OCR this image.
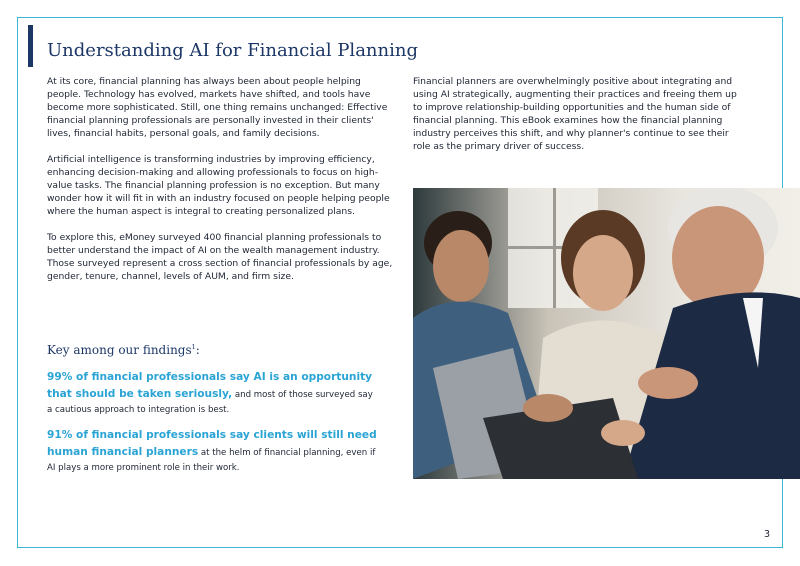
Understanding AI for Financial Planning

At its core, financial planning has always been about people helping people. Technology has evolved, markets have shifted, and tools have become more sophisticated. Still, one thing remains unchanged: Effective financial planning professionals are personally invested in their clients' lives, financial habits, personal goals, and family decisions.

Artificial intelligence is transforming industries by improving efficiency, enhancing decision-making and allowing professionals to focus on high-value tasks. The financial planning profession is no exception. But many wonder how it will fit in with an industry focused on people helping people where the human aspect is integral to creating personalized plans.

To explore this, eMoney surveyed 400 financial planning professionals to better understand the impact of AI on the wealth management industry. Those surveyed represent a cross section of financial professionals by age, gender, tenure, channel, levels of AUM, and firm size.

Financial planners are overwhelmingly positive about integrating and using AI strategically, augmenting their practices and freeing them up to improve relationship-building opportunities and the human side of financial planning. This eBook examines how the financial planning industry perceives this shift, and why planner's continue to see their role as the primary driver of success.

Key among our findings$^1$:
99% of financial professionals say AI is an opportunity that should be taken seriously, and most of those surveyed say a cautious approach to integration is best.
91% of financial professionals say clients will still need human financial planners at the helm of financial planning, even if AI plays a more prominent role in their work.
3
